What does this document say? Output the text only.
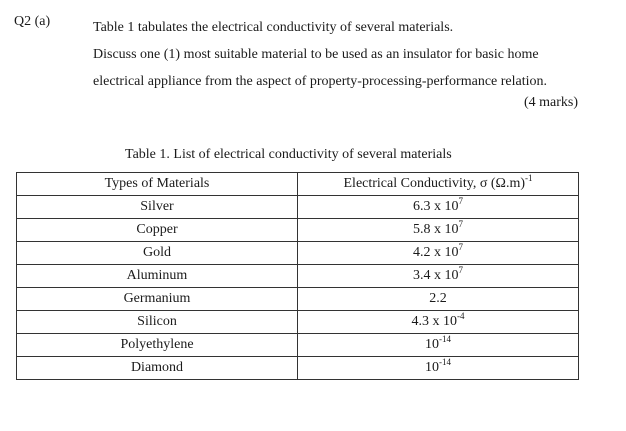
Q2 (a)	Table 1 tabulates the electrical conductivity of several materials.

Discuss one (1) most suitable material to be used as an insulator for basic home

electrical appliance from the aspect of property-processing-performance relation.

(4 marks)
Table 1. List of electrical conductivity of several materials
Types of Materials	Electrical Conductivity, σ $(\Omega.m)^{-1}$
Silver	6.3 x $10^7$
Copper	5.8 x $10^7$
Gold	4.2 x $10^7$
Aluminum	3.4 x $10^7$
Germanium	2.2
Silicon	4.3 x $10^{-4}$
Polyethylene	$10^{-14}$
Diamond	$10^{-14}$
